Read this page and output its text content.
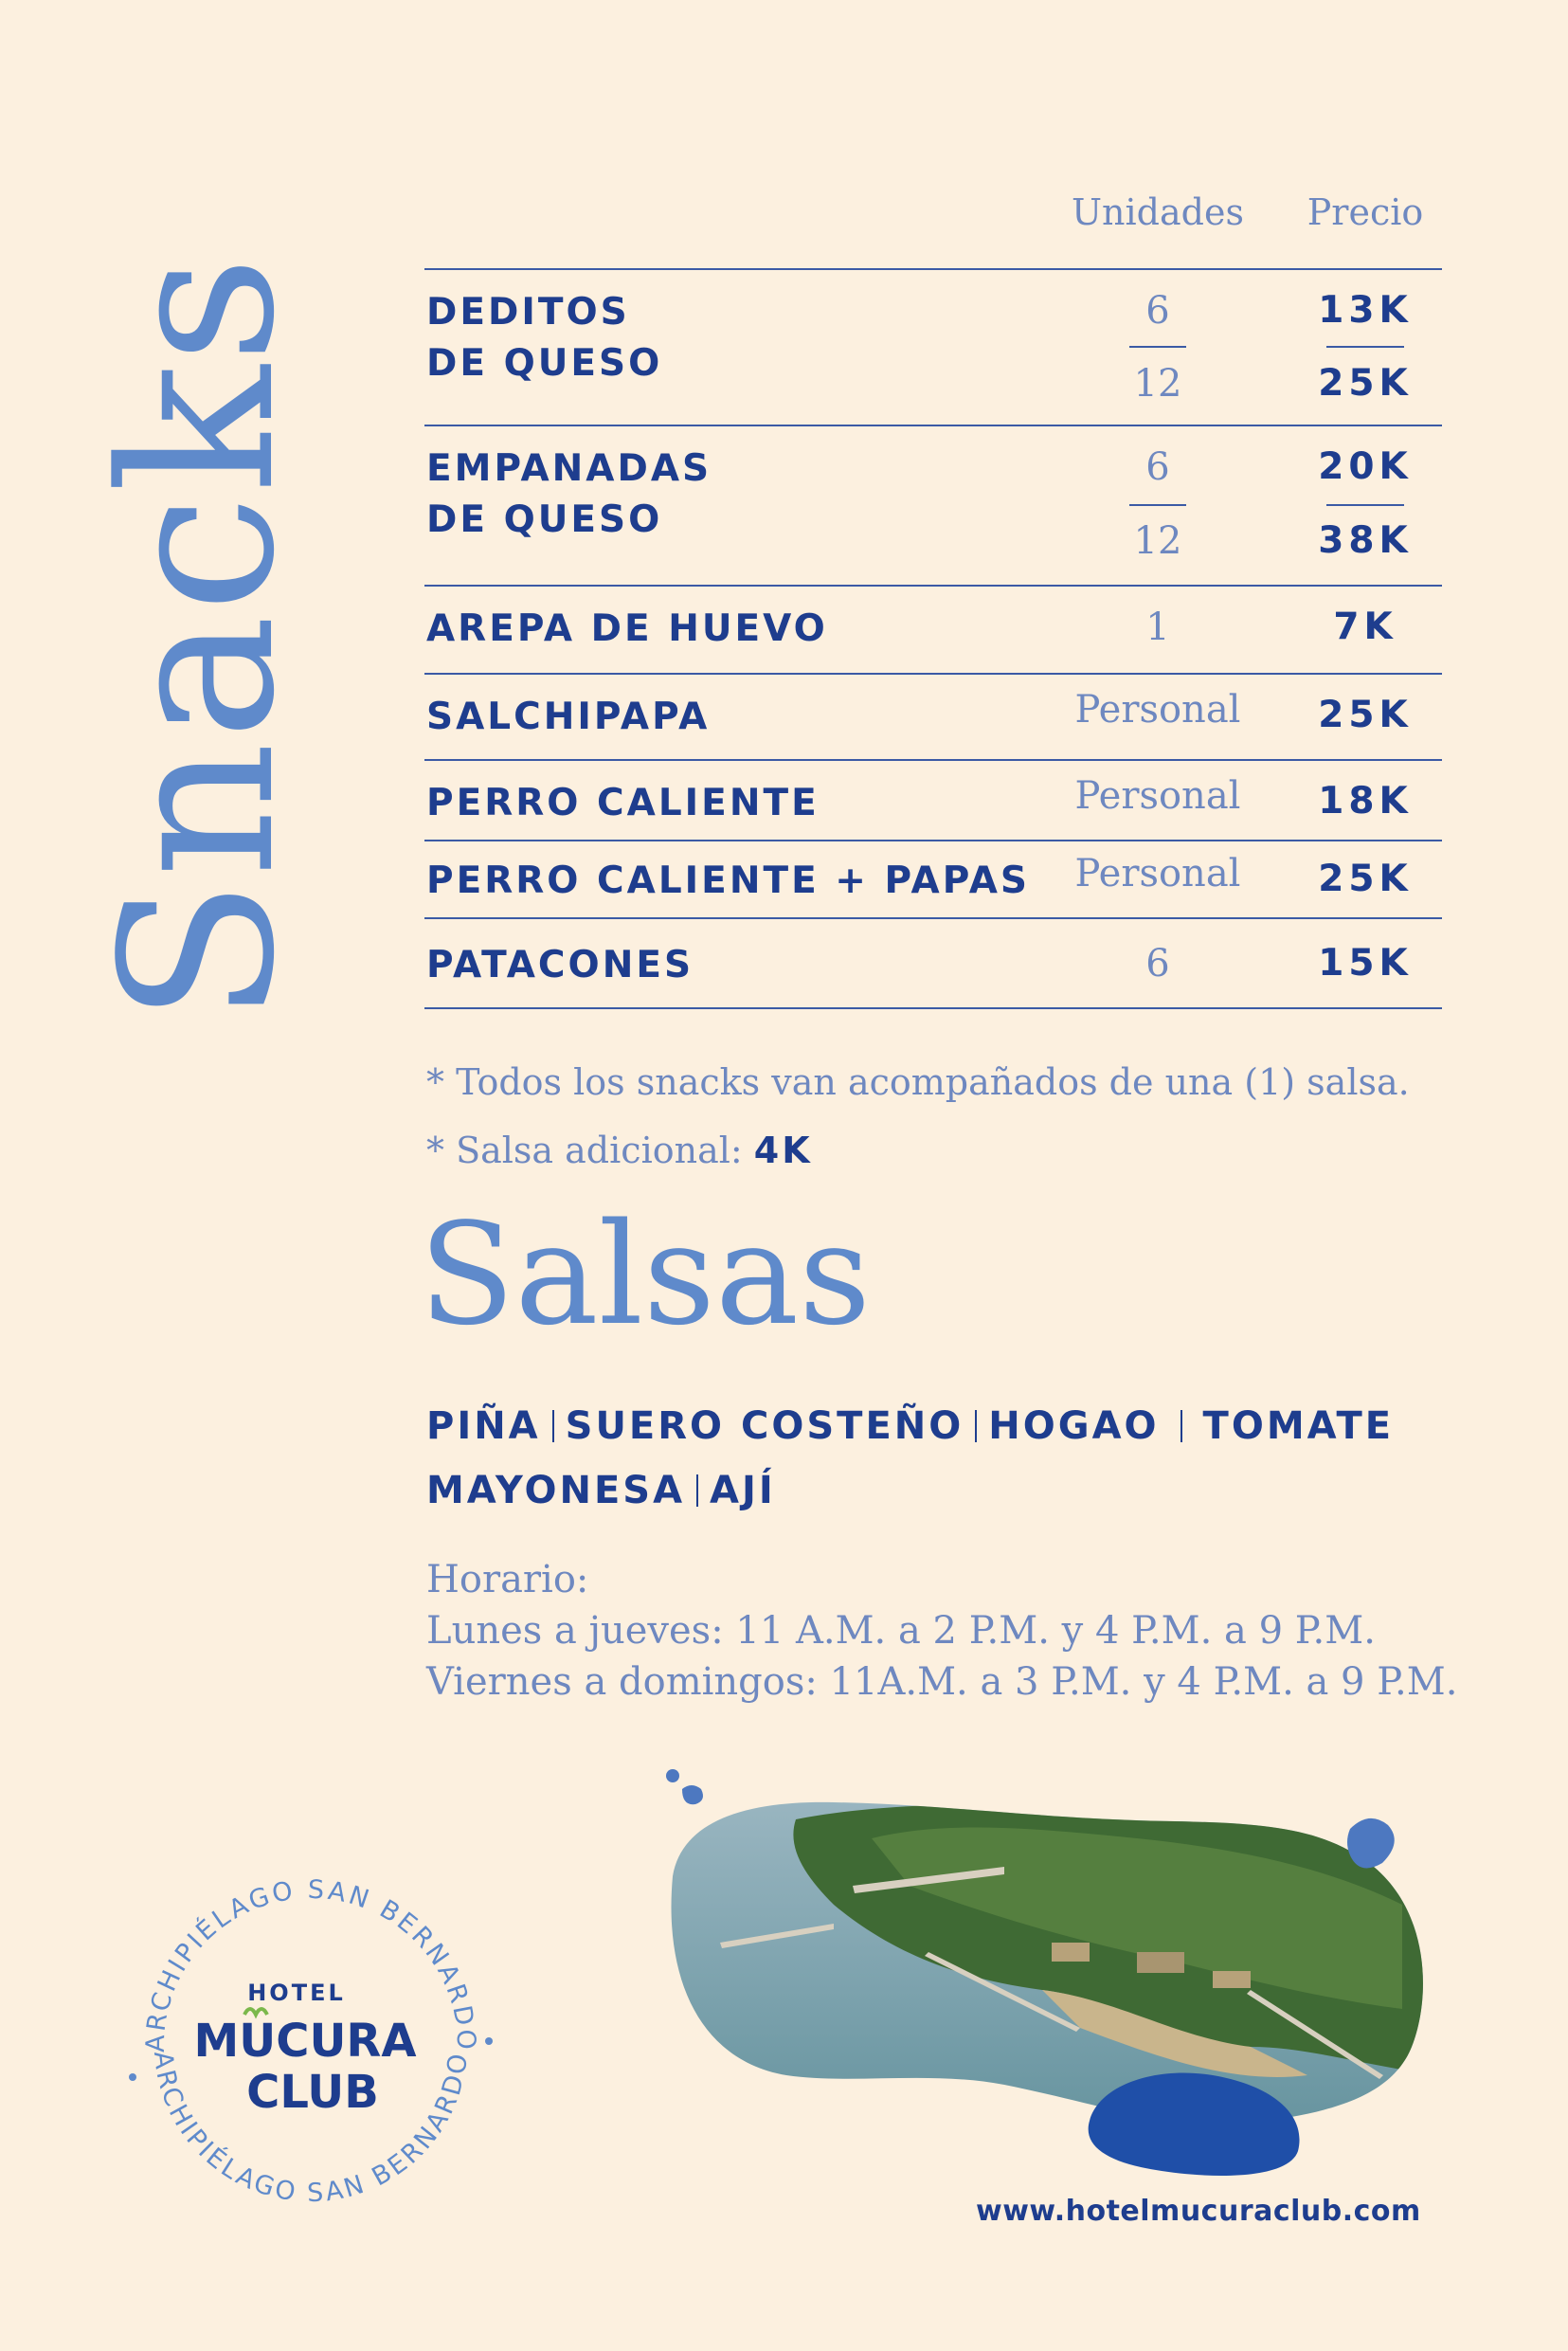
Snacks
Unidades Precio
DEDITOS
DE QUESO
6	13K
12	25K
EMPANADAS
DE QUESO
6	20K
12	38K
AREPA DE HUEVO	1	7K
SALCHIPAPA	Personal 25K
PERRO CALIENTE	Personal 18K
PERRO CALIENTE + PAPAS Personal 25K
PATACONES	6	15K
* Todos los snacks van acompañados de una (1) salsa.
* Salsa adicional: 4K
Salsas
PIÑA SUERO COSTEÑO HOGAO TOMATE
MAYONESA AJÍ
Horario:
Lunes a jueves: 11 A.M. a 2 P.M. y 4 P.M. a 9 P.M.
Viernes a domingos: 11A.M. a 3 P.M. y 4 P.M. a 9 P.M.
ARCHIPIÉLAGO SAN BERNARDO
ARCHIPIÉLAGO SAN BERNARDO
HOTEL
MUCURA
CLUB
www.hotelmucuraclub.com
